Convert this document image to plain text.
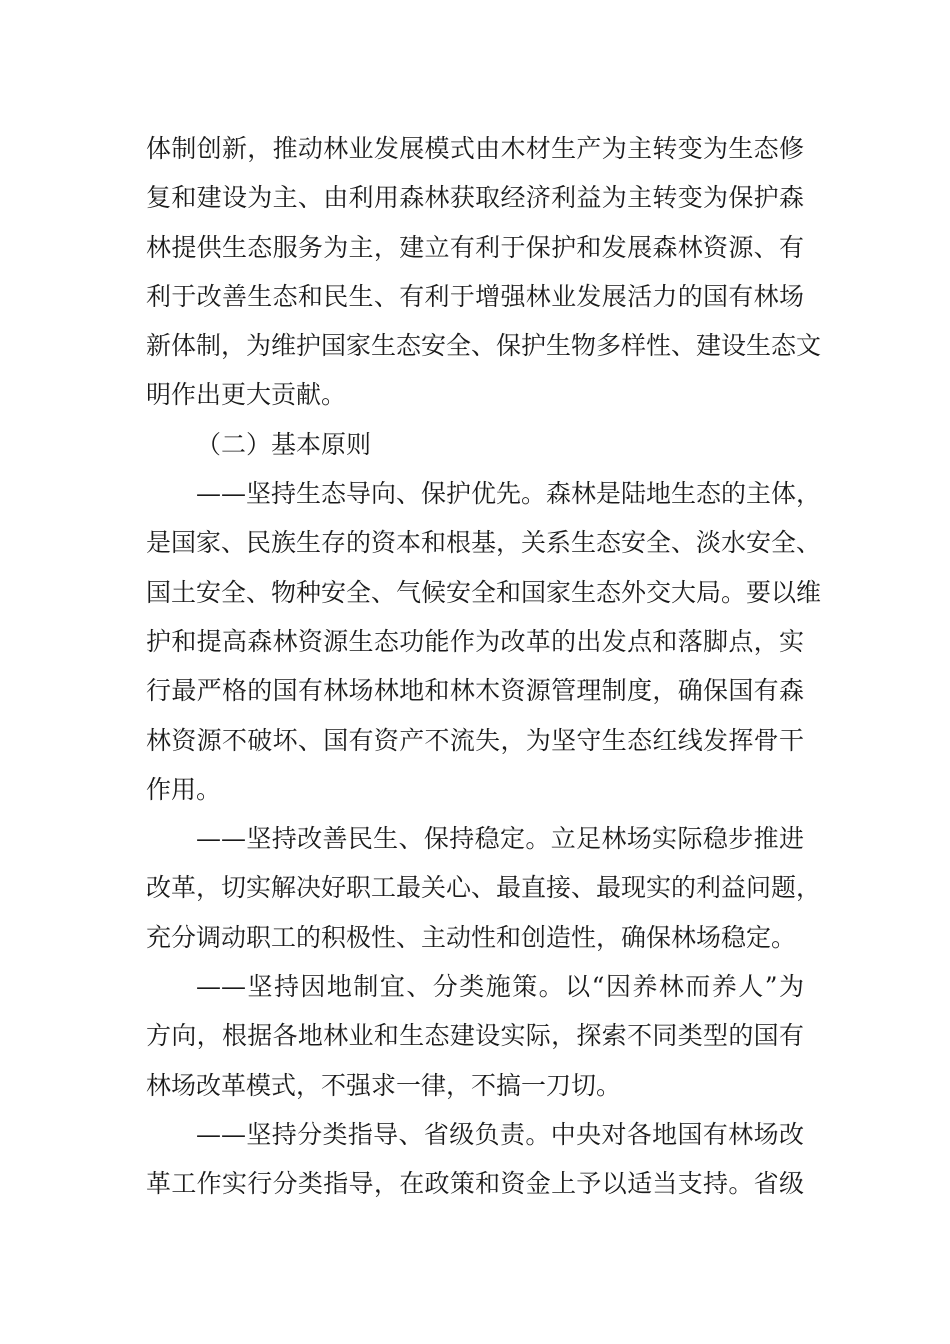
体制创新，推动林业发展模式由木材生产为主转变为生态修
复和建设为主、由利用森林获取经济利益为主转变为保护森
林提供生态服务为主，建立有利于保护和发展森林资源、有
利于改善生态和民生、有利于增强林业发展活力的国有林场
新体制，为维护国家生态安全、保护生物多样性、建设生态文
明作出更大贡献。
（二）基本原则
——坚持生态导向、保护优先。森林是陆地生态的主体，
是国家、民族生存的资本和根基，关系生态安全、淡水安全、
国土安全、物种安全、气候安全和国家生态外交大局。要以维
护和提高森林资源生态功能作为改革的出发点和落脚点，实
行最严格的国有林场林地和林木资源管理制度，确保国有森
林资源不破坏、国有资产不流失，为坚守生态红线发挥骨干
作用。
——坚持改善民生、保持稳定。立足林场实际稳步推进
改革，切实解决好职工最关心、最直接、最现实的利益问题，
充分调动职工的积极性、主动性和创造性，确保林场稳定。
——坚持因地制宜、分类施策。以“因养林而养人”为
方向，根据各地林业和生态建设实际，探索不同类型的国有
林场改革模式，不强求一律，不搞一刀切。
——坚持分类指导、省级负责。中央对各地国有林场改
革工作实行分类指导，在政策和资金上予以适当支持。省级
